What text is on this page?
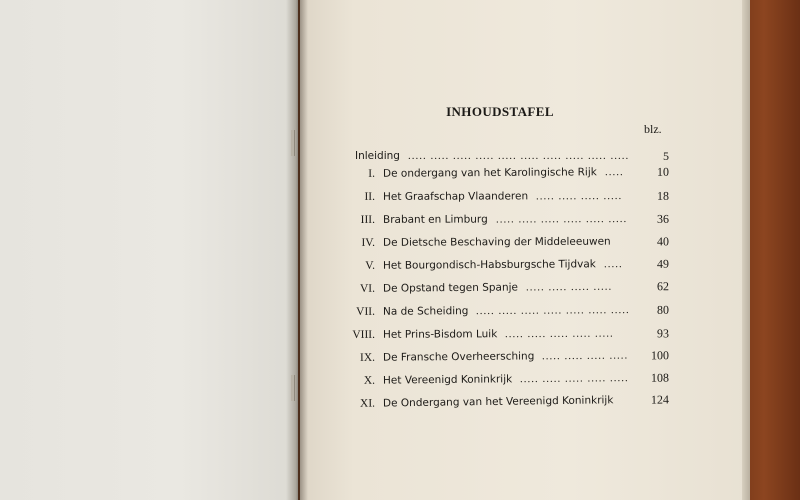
INHOUDSTAFEL
blz.
Inleiding	5
..... ..... ..... ..... ..... ..... ..... ..... ..... .....
I. De ondergang van het Karolingische Rijk	10
.....
II. Het Graafschap Vlaanderen	18
..... ..... ..... .....
III. Brabant en Limburg	36
..... ..... ..... ..... ..... .....
IV. De Dietsche Beschaving der Middeleeuwen	40
V. Het Bourgondisch-Habsburgsche Tijdvak	49
.....
VI. De Opstand tegen Spanje	62
..... ..... ..... .....
VII. Na de Scheiding	80
..... ..... ..... ..... ..... ..... .....
VIII. Het Prins-Bisdom Luik	93
..... ..... ..... ..... .....
IX. De Fransche Overheersching	100
..... ..... ..... .....
X. Het Vereenigd Koninkrijk	108
..... ..... ..... ..... .....
XI. De Ondergang van het Vereenigd Koninkrijk	124
